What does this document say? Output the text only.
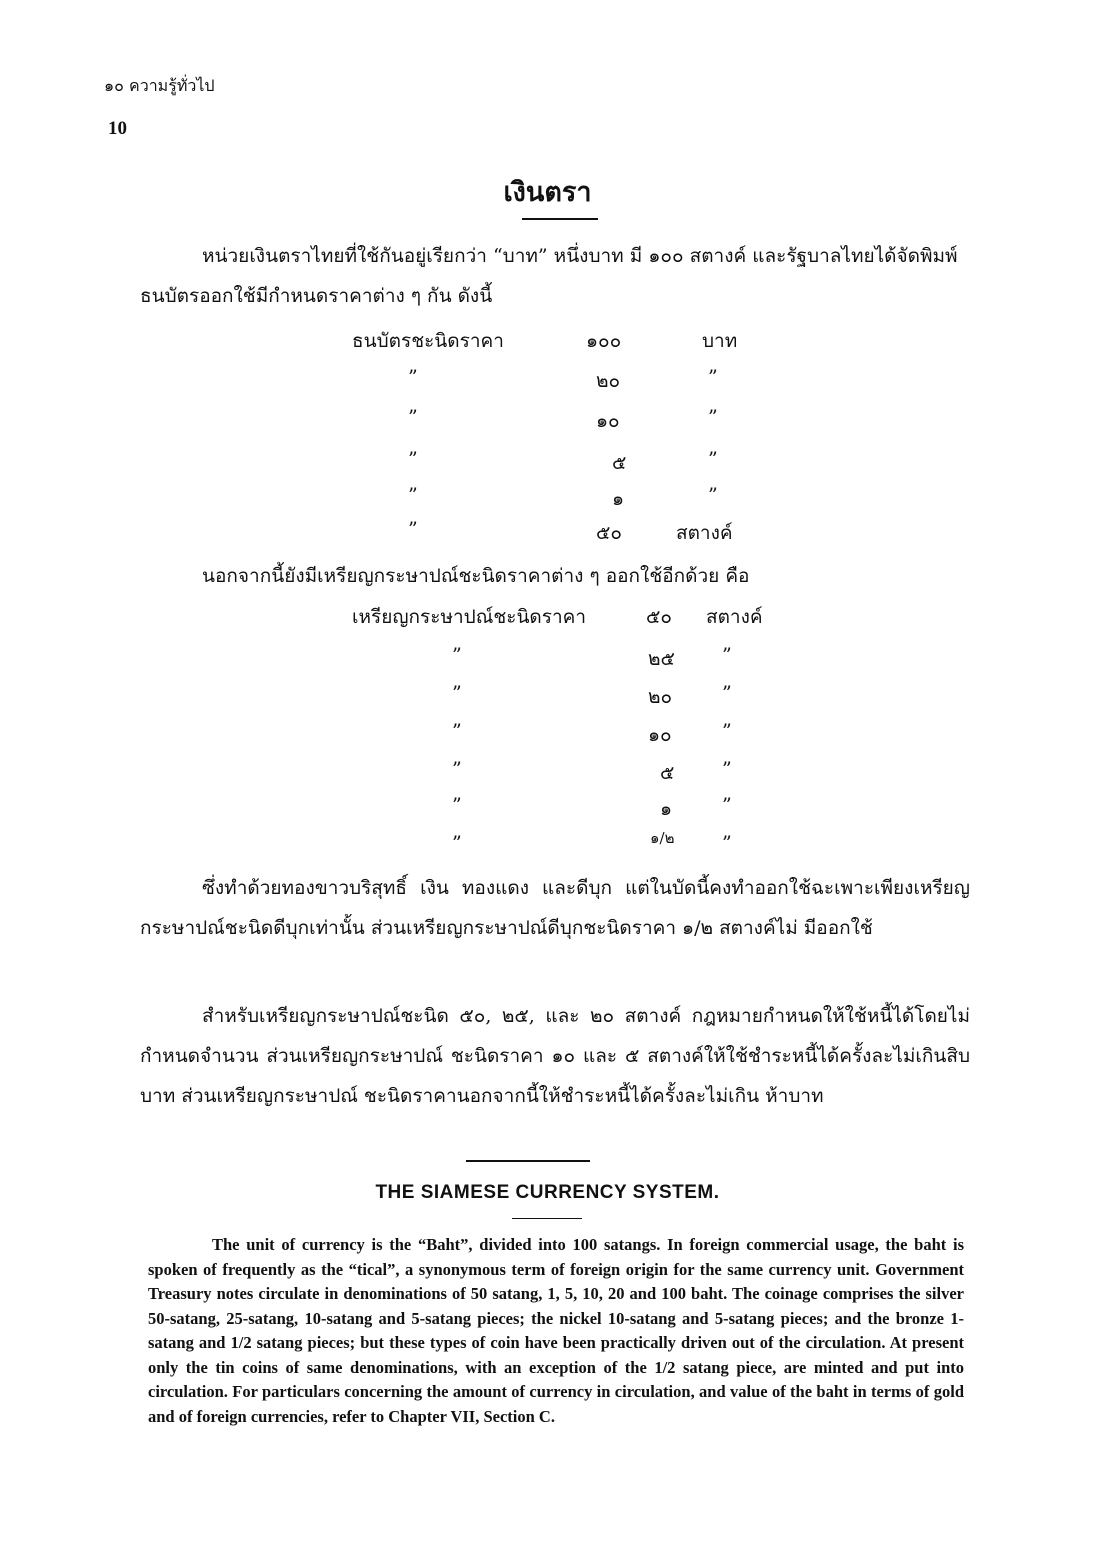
๑๐ ความรู้ทั่วไป
10
เงินตรา
หน่วยเงินตราไทยที่ใช้กันอยู่เรียกว่า “บาท” หนึ่งบาท มี ๑๐๐ สตางค์ และรัฐบาลไทยได้จัดพิมพ์ธนบัตรออกใช้มีกำหนดราคาต่าง ๆ กัน ดังนี้
ธนบัตรชะนิดราคา	๑๐๐	บาท
”	๒๐	”
”	๑๐	”
”	๕	”
”	๑	”
”	๕๐	สตางค์
นอกจากนี้ยังมีเหรียญกระษาปณ์ชะนิดราคาต่าง ๆ ออกใช้อีกด้วย คือ
เหรียญกระษาปณ์ชะนิดราคา	๕๐ สตางค์
”	๒๕ ”
”	๒๐	”
”	๑๐	”
”	๕	”
”	๑	”
”	๑/๒	”
ซึ่งทำด้วยทองขาวบริสุทธิ์ เงิน ทองแดง และดีบุก แต่ในบัดนี้คงทำออกใช้ฉะเพาะเพียงเหรียญกระษาปณ์ชะนิดดีบุกเท่านั้น ส่วนเหรียญกระษาปณ์ดีบุกชะนิดราคา ๑/๒ สตางค์ไม่ มีออกใช้
สำหรับเหรียญกระษาปณ์ชะนิด ๕๐, ๒๕, และ ๒๐ สตางค์ กฎหมายกำหนดให้ใช้หนี้ได้โดยไม่กำหนดจำนวน ส่วนเหรียญกระษาปณ์ ชะนิดราคา ๑๐ และ ๕ สตางค์ให้ใช้ชำระหนี้ได้ครั้งละไม่เกินสิบบาท ส่วนเหรียญกระษาปณ์ ชะนิดราคานอกจากนี้ให้ชำระหนี้ได้ครั้งละไม่เกิน ห้าบาท
THE SIAMESE CURRENCY SYSTEM.
The unit of currency is the “Baht”, divided into 100 satangs. In foreign commercial usage, the baht is spoken of frequently as the “tical”, a synonymous term of foreign origin for the same currency unit. Government Treasury notes circulate in denominations of 50 satang, 1, 5, 10, 20 and 100 baht. The coinage comprises the silver 50-satang, 25-satang, 10-satang and 5-satang pieces; the nickel 10-satang and 5-satang pieces; and the bronze 1-satang and 1/2 satang pieces; but these types of coin have been practically driven out of the circulation. At present only the tin coins of same denominations, with an exception of the 1/2 satang piece, are minted and put into circulation. For particulars concerning the amount of currency in circulation, and value of the baht in terms of gold and of foreign currencies, refer to Chapter VII, Section C.
